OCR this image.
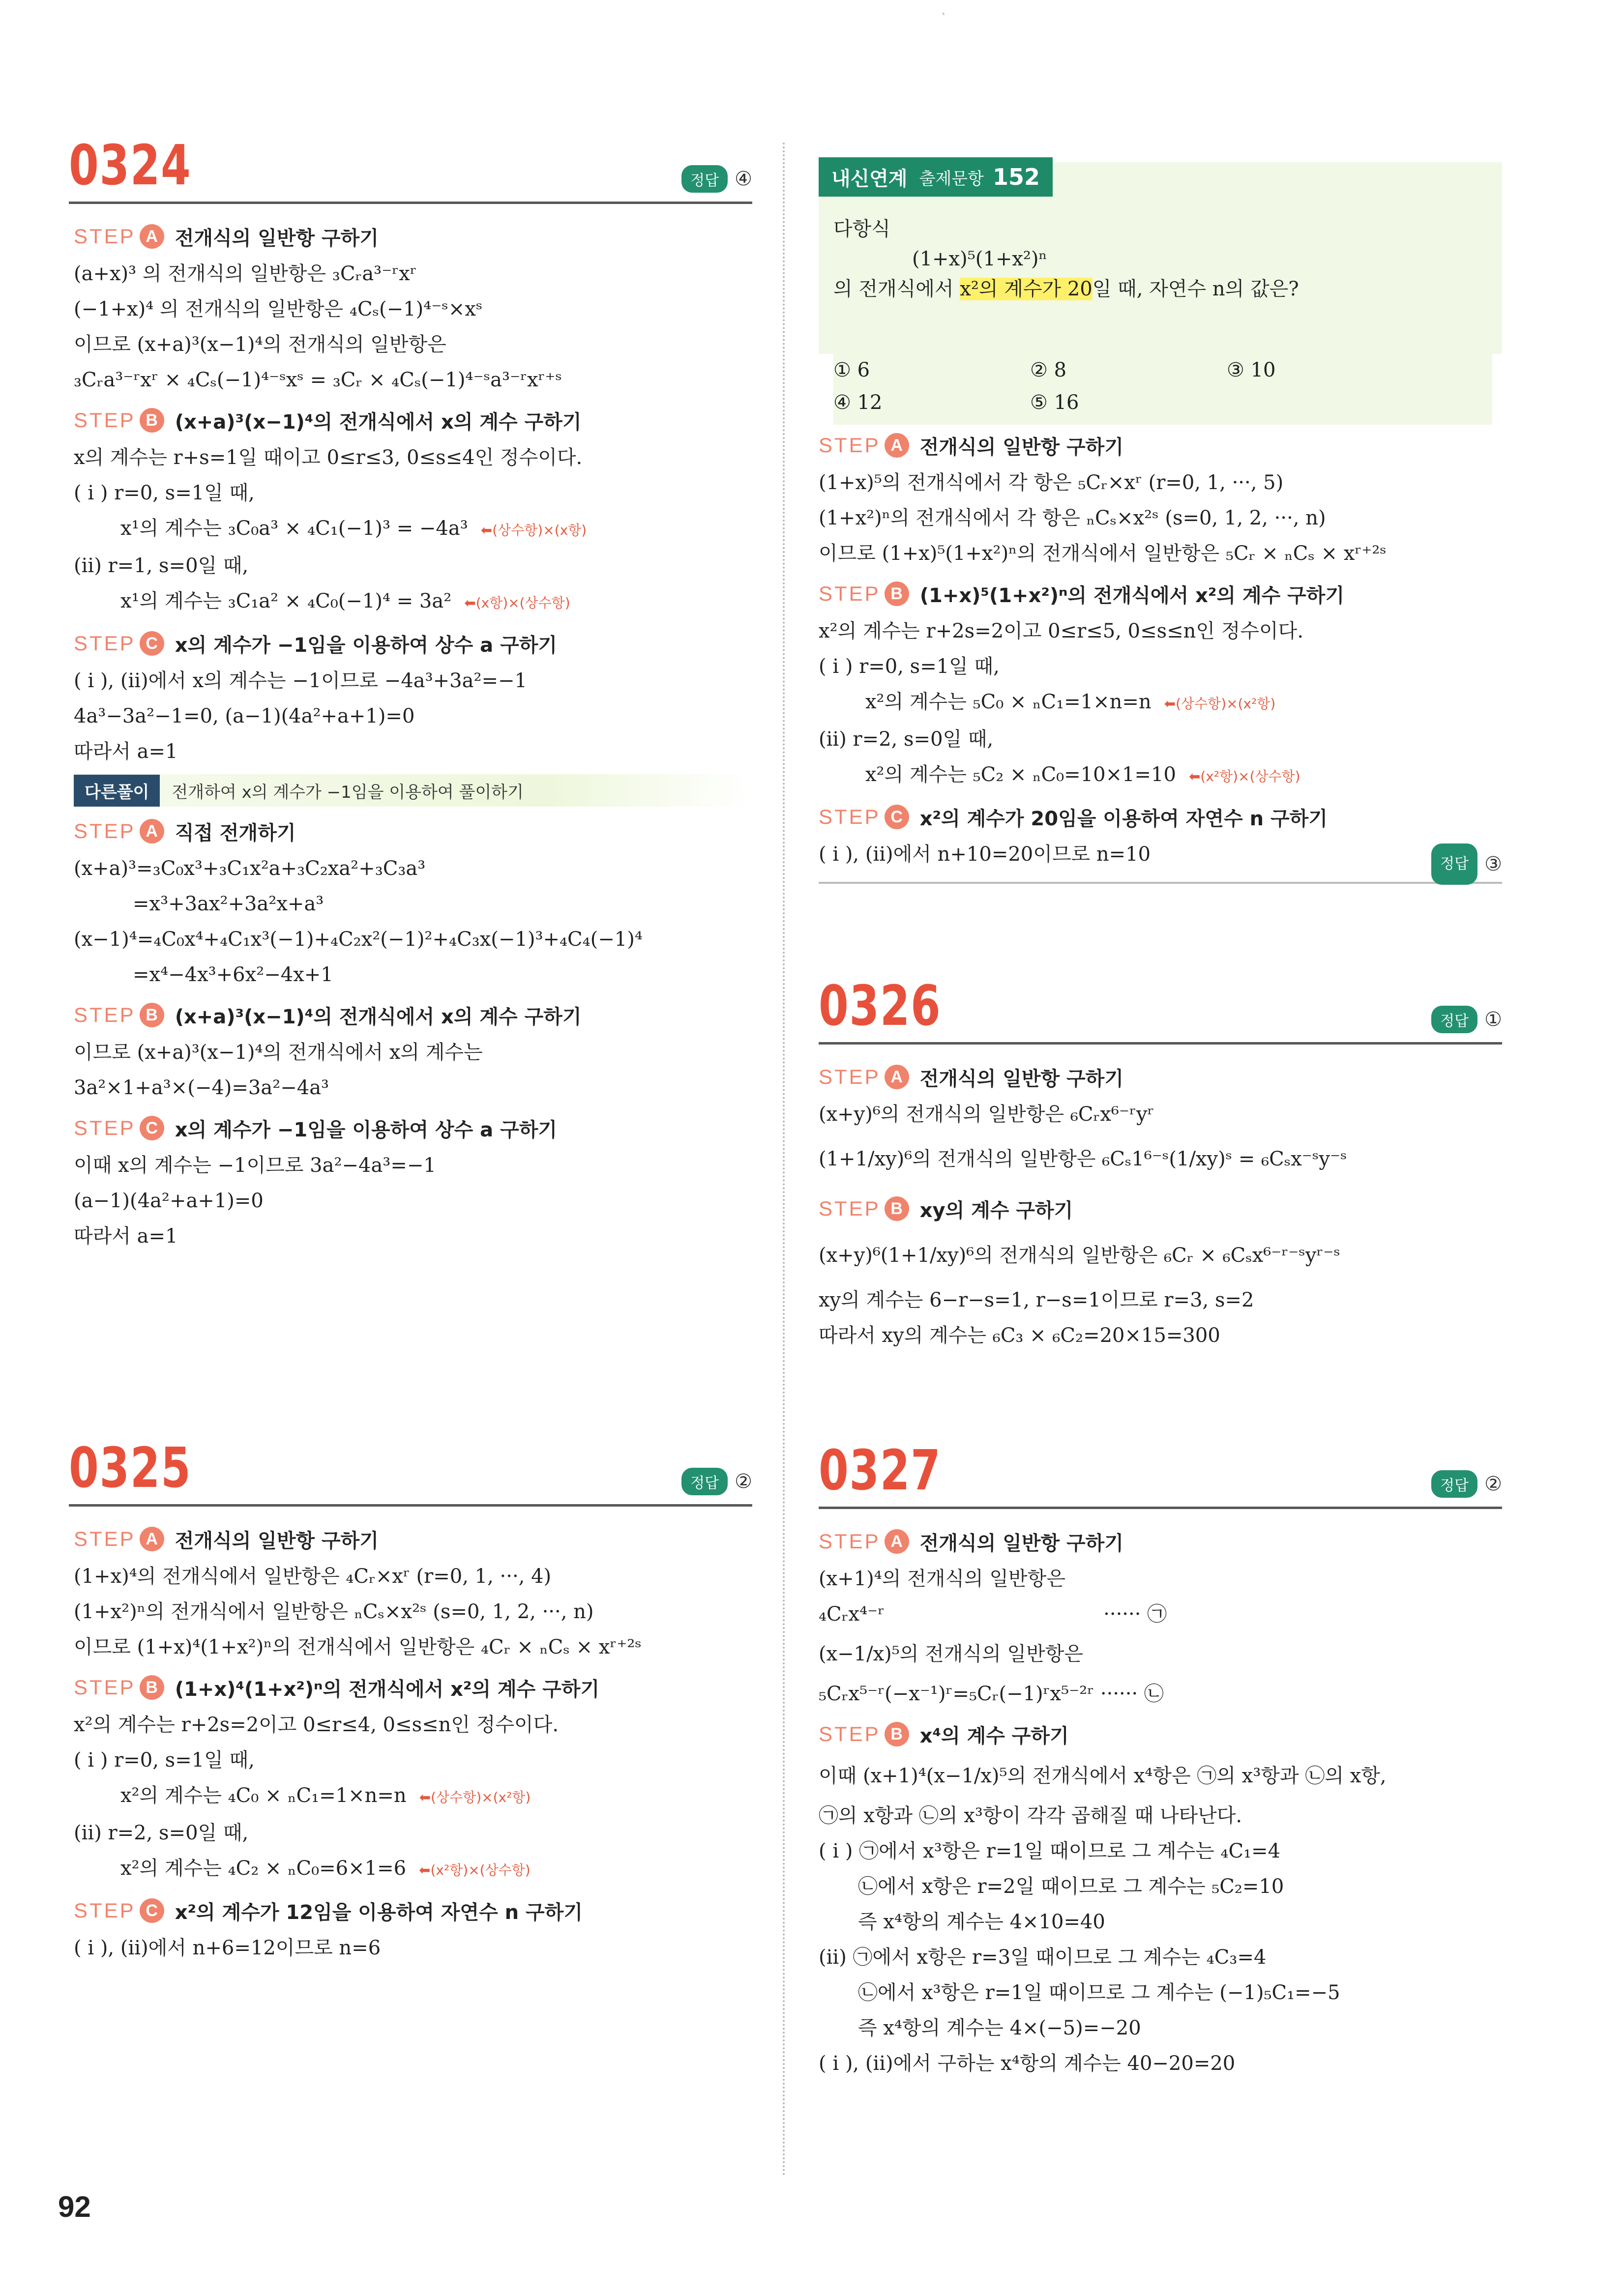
ㆍ
0324	정답 ④
STEP A 전개식의 일반항 구하기
(a+x)³ 의 전개식의 일반항은 ₃Cᵣa³⁻ʳxʳ
(−1+x)⁴ 의 전개식의 일반항은 ₄Cₛ(−1)⁴⁻ˢ×xˢ
이므로 (x+a)³(x−1)⁴의 전개식의 일반항은
₃Cᵣa³⁻ʳxʳ × ₄Cₛ(−1)⁴⁻ˢxˢ = ₃Cᵣ × ₄Cₛ(−1)⁴⁻ˢa³⁻ʳxʳ⁺ˢ
STEP B (x+a)³(x−1)⁴의 전개식에서 x의 계수 구하기
x의 계수는 r+s=1일 때이고 0≤r≤3, 0≤s≤4인 정수이다.
( i ) r=0, s=1일 때,
x¹의 계수는 ₃C₀a³ × ₄C₁(−1)³ = −4a³ ⬅(상수항)×(x항)
(ii) r=1, s=0일 때,
x¹의 계수는 ₃C₁a² × ₄C₀(−1)⁴ = 3a² ⬅(x항)×(상수항)
STEP C x의 계수가 −1임을 이용하여 상수 a 구하기
( i ), (ii)에서 x의 계수는 −1이므로 −4a³+3a²=−1
4a³−3a²−1=0, (a−1)(4a²+a+1)=0
따라서 a=1
다른풀이	전개하여 x의 계수가 −1임을 이용하여 풀이하기
STEP A 직접 전개하기
(x+a)³=₃C₀x³+₃C₁x²a+₃C₂xa²+₃C₃a³
=x³+3ax²+3a²x+a³
(x−1)⁴=₄C₀x⁴+₄C₁x³(−1)+₄C₂x²(−1)²+₄C₃x(−1)³+₄C₄(−1)⁴
=x⁴−4x³+6x²−4x+1
STEP B (x+a)³(x−1)⁴의 전개식에서 x의 계수 구하기
이므로 (x+a)³(x−1)⁴의 전개식에서 x의 계수는
3a²×1+a³×(−4)=3a²−4a³
STEP C x의 계수가 −1임을 이용하여 상수 a 구하기
이때 x의 계수는 −1이므로 3a²−4a³=−1
(a−1)(4a²+a+1)=0
따라서 a=1
0325	정답 ②
STEP A 전개식의 일반항 구하기
(1+x)⁴의 전개식에서 일반항은 ₄Cᵣ×xʳ (r=0, 1, ···, 4)
(1+x²)ⁿ의 전개식에서 일반항은 ₙCₛ×x²ˢ (s=0, 1, 2, ···, n)
이므로 (1+x)⁴(1+x²)ⁿ의 전개식에서 일반항은 ₄Cᵣ × ₙCₛ × xʳ⁺²ˢ
STEP B (1+x)⁴(1+x²)ⁿ의 전개식에서 x²의 계수 구하기
x²의 계수는 r+2s=2이고 0≤r≤4, 0≤s≤n인 정수이다.
( i ) r=0, s=1일 때,
x²의 계수는 ₄C₀ × ₙC₁=1×n=n ⬅(상수항)×(x²항)
(ii) r=2, s=0일 때,
x²의 계수는 ₄C₂ × ₙC₀=6×1=6 ⬅(x²항)×(상수항)
STEP C x²의 계수가 12임을 이용하여 자연수 n 구하기
( i ), (ii)에서 n+6=12이므로 n=6
내신연계 출제문항 152
다항식
(1+x)⁵(1+x²)ⁿ
의 전개식에서 x²의 계수가 20일 때, 자연수 n의 값은?
① 6	② 8	③ 10
④ 12	⑤ 16
STEP A 전개식의 일반항 구하기
(1+x)⁵의 전개식에서 각 항은 ₅Cᵣ×xʳ (r=0, 1, ···, 5)
(1+x²)ⁿ의 전개식에서 각 항은 ₙCₛ×x²ˢ (s=0, 1, 2, ···, n)
이므로 (1+x)⁵(1+x²)ⁿ의 전개식에서 일반항은 ₅Cᵣ × ₙCₛ × xʳ⁺²ˢ
STEP B (1+x)⁵(1+x²)ⁿ의 전개식에서 x²의 계수 구하기
x²의 계수는 r+2s=2이고 0≤r≤5, 0≤s≤n인 정수이다.
( i ) r=0, s=1일 때,
x²의 계수는 ₅C₀ × ₙC₁=1×n=n ⬅(상수항)×(x²항)
(ii) r=2, s=0일 때,
x²의 계수는 ₅C₂ × ₙC₀=10×1=10 ⬅(x²항)×(상수항)
STEP C x²의 계수가 20임을 이용하여 자연수 n 구하기
( i ), (ii)에서 n+10=20이므로 n=10	정답 ③
0326	정답 ①
STEP A 전개식의 일반항 구하기
(x+y)⁶의 전개식의 일반항은 ₆Cᵣx⁶⁻ʳyʳ
(1+1/xy)⁶의 전개식의 일반항은 ₆Cₛ1⁶⁻ˢ(1/xy)ˢ = ₆Cₛx⁻ˢy⁻ˢ
STEP B xy의 계수 구하기
(x+y)⁶(1+1/xy)⁶의 전개식의 일반항은 ₆Cᵣ × ₆Cₛx⁶⁻ʳ⁻ˢyʳ⁻ˢ
xy의 계수는 6−r−s=1, r−s=1이므로 r=3, s=2
따라서 xy의 계수는 ₆C₃ × ₆C₂=20×15=300
0327	정답 ②
STEP A 전개식의 일반항 구하기
(x+1)⁴의 전개식의 일반항은
₄Cᵣx⁴⁻ʳ                                   ······ ㉠
(x−1/x)⁵의 전개식의 일반항은
₅Cᵣx⁵⁻ʳ(−x⁻¹)ʳ=₅Cᵣ(−1)ʳx⁵⁻²ʳ ······ ㉡
STEP B x⁴의 계수 구하기
이때 (x+1)⁴(x−1/x)⁵의 전개식에서 x⁴항은 ㉠의 x³항과 ㉡의 x항,
㉠의 x항과 ㉡의 x³항이 각각 곱해질 때 나타난다.
( i ) ㉠에서 x³항은 r=1일 때이므로 그 계수는 ₄C₁=4
㉡에서 x항은 r=2일 때이므로 그 계수는 ₅C₂=10
즉 x⁴항의 계수는 4×10=40
(ii) ㉠에서 x항은 r=3일 때이므로 그 계수는 ₄C₃=4
㉡에서 x³항은 r=1일 때이므로 그 계수는 (−1)₅C₁=−5
즉 x⁴항의 계수는 4×(−5)=−20
( i ), (ii)에서 구하는 x⁴항의 계수는 40−20=20
92
